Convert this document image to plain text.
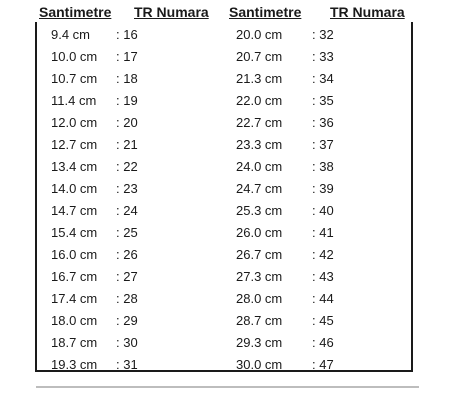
Santimetre TR Numara Santimetre TR Numara
9.4 cm : 16	20.0 cm : 32
10.0 cm : 17	20.7 cm : 33
10.7 cm : 18	21.3 cm : 34
11.4 cm : 19	22.0 cm : 35
12.0 cm : 20	22.7 cm : 36
12.7 cm : 21	23.3 cm : 37
13.4 cm : 22	24.0 cm : 38
14.0 cm : 23	24.7 cm : 39
14.7 cm : 24	25.3 cm : 40
15.4 cm : 25	26.0 cm : 41
16.0 cm : 26	26.7 cm : 42
16.7 cm : 27	27.3 cm : 43
17.4 cm : 28	28.0 cm : 44
18.0 cm : 29	28.7 cm : 45
18.7 cm : 30	29.3 cm : 46
19.3 cm : 31	30.0 cm : 47
